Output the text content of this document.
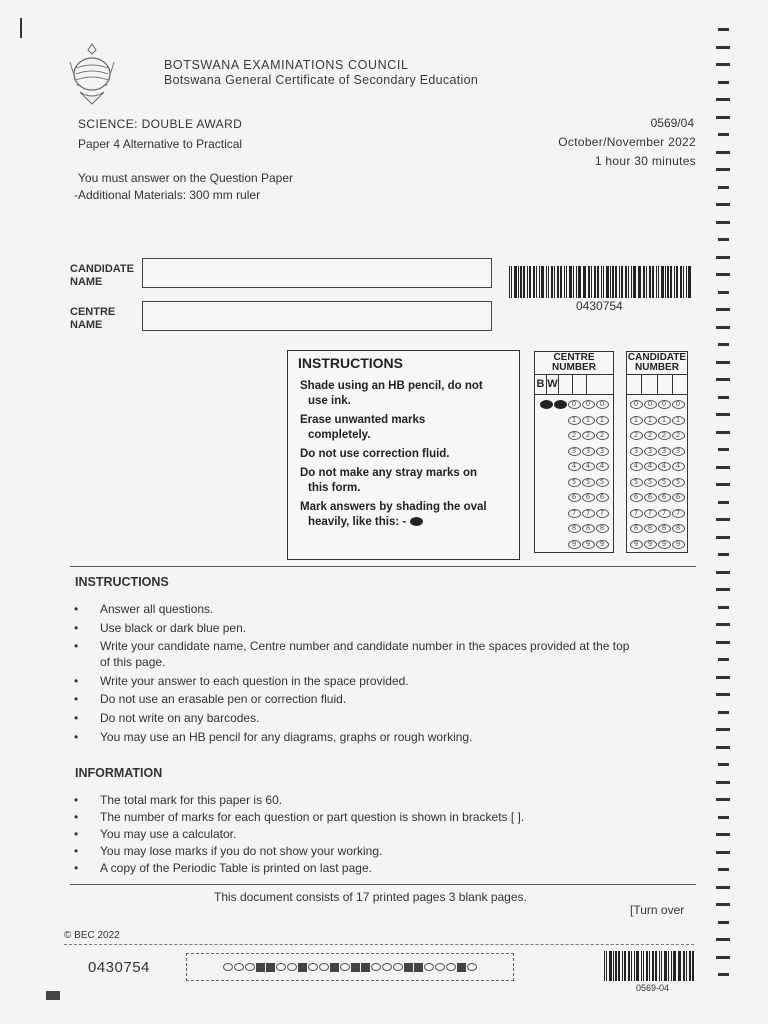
BOTSWANA EXAMINATIONS COUNCIL
Botswana General Certificate of Secondary Education
SCIENCE: DOUBLE AWARD	0569/04
Paper 4 Alternative to Practical	October/November 2022
1 hour 30 minutes
You must answer on the Question Paper
-Additional Materials: 300 mm ruler
CANDIDATE
NAME
CENTRE
NAME
0430754
INSTRUCTIONS

Shade using an HB pencil, do not
use ink.

Erase unwanted marks
completely.

Do not use correction fluid.

Do not make any stray marks on
this form.

Mark answers by shading the oval
heavily, like this: -

CENTRE
NUMBER
B W
0	0	0
1	1	1
2	2	2
3	3	3
4	4	4
5	5	5
6	6	6
7	7	7
8	8	8
9	9	9
CANDIDATE
NUMBER
0	0	0	0
1	1	1	1
2	2	2	2
3	3	3	3
4	4	4	4
5	5	5	5
6	6	6	6
7	7	7	7
8	8	8	8
9	9	9	9
INSTRUCTIONS
• Answer all questions.
• Use black or dark blue pen.
• Write your candidate name, Centre number and candidate number in the spaces provided at the top of this page.
• Write your answer to each question in the space provided.
• Do not use an erasable pen or correction fluid.
• Do not write on any barcodes.
• You may use an HB pencil for any diagrams, graphs or rough working.
INFORMATION
• The total mark for this paper is 60.
• The number of marks for each question or part question is shown in brackets [ ].
• You may use a calculator.
• You may lose marks if you do not show your working.
• A copy of the Periodic Table is printed on last page.
This document consists of 17 printed pages 3 blank pages.
[Turn over
© BEC 2022
0430754
0569-04
